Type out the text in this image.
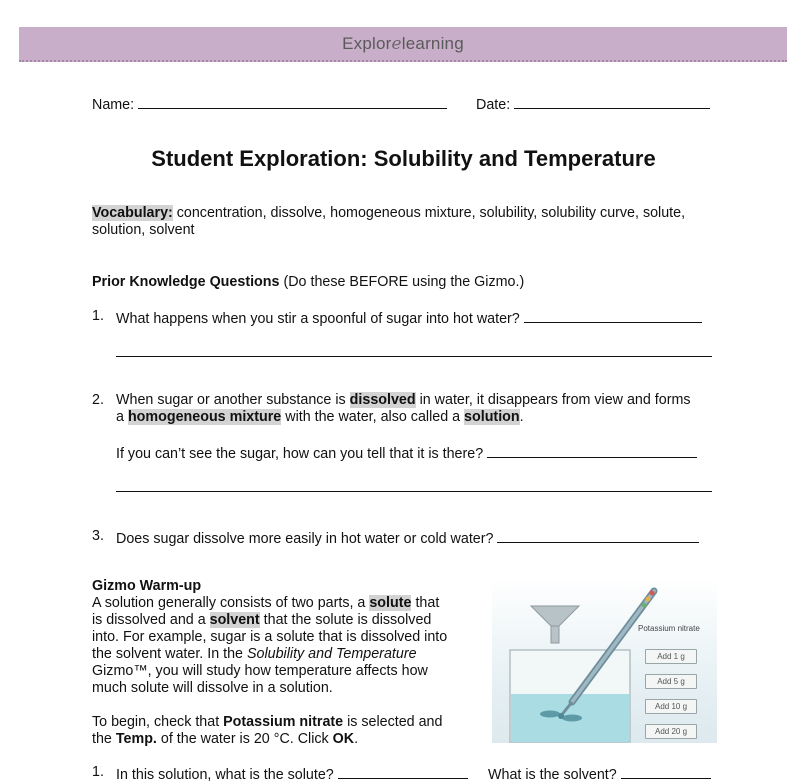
Explorelearning
Name:	Date:
Student Exploration: Solubility and Temperature
Vocabulary: concentration, dissolve, homogeneous mixture, solubility, solubility curve, solute,
solution, solvent
Prior Knowledge Questions (Do these BEFORE using the Gizmo.)
1. What happens when you stir a spoonful of sugar into hot water?
2. When sugar or another substance is dissolved in water, it disappears from view and forms
a homogeneous mixture with the water, also called a solution.
If you can’t see the sugar, how can you tell that it is there?
3. Does sugar dissolve more easily in hot water or cold water?
Gizmo Warm-up
A solution generally consists of two parts, a solute that
is dissolved and a solvent that the solute is dissolved
into. For example, sugar is a solute that is dissolved into
the solvent water. In the Solubility and Temperature
Gizmo™, you will study how temperature affects how
much solute will dissolve in a solution.
To begin, check that Potassium nitrate is selected and
the Temp. of the water is 20 °C. Click OK.
Potassium nitrate
Add 1 g
Add 5 g
Add 10 g
Add 20 g
1. In this solution, what is the solute?	What is the solvent?
